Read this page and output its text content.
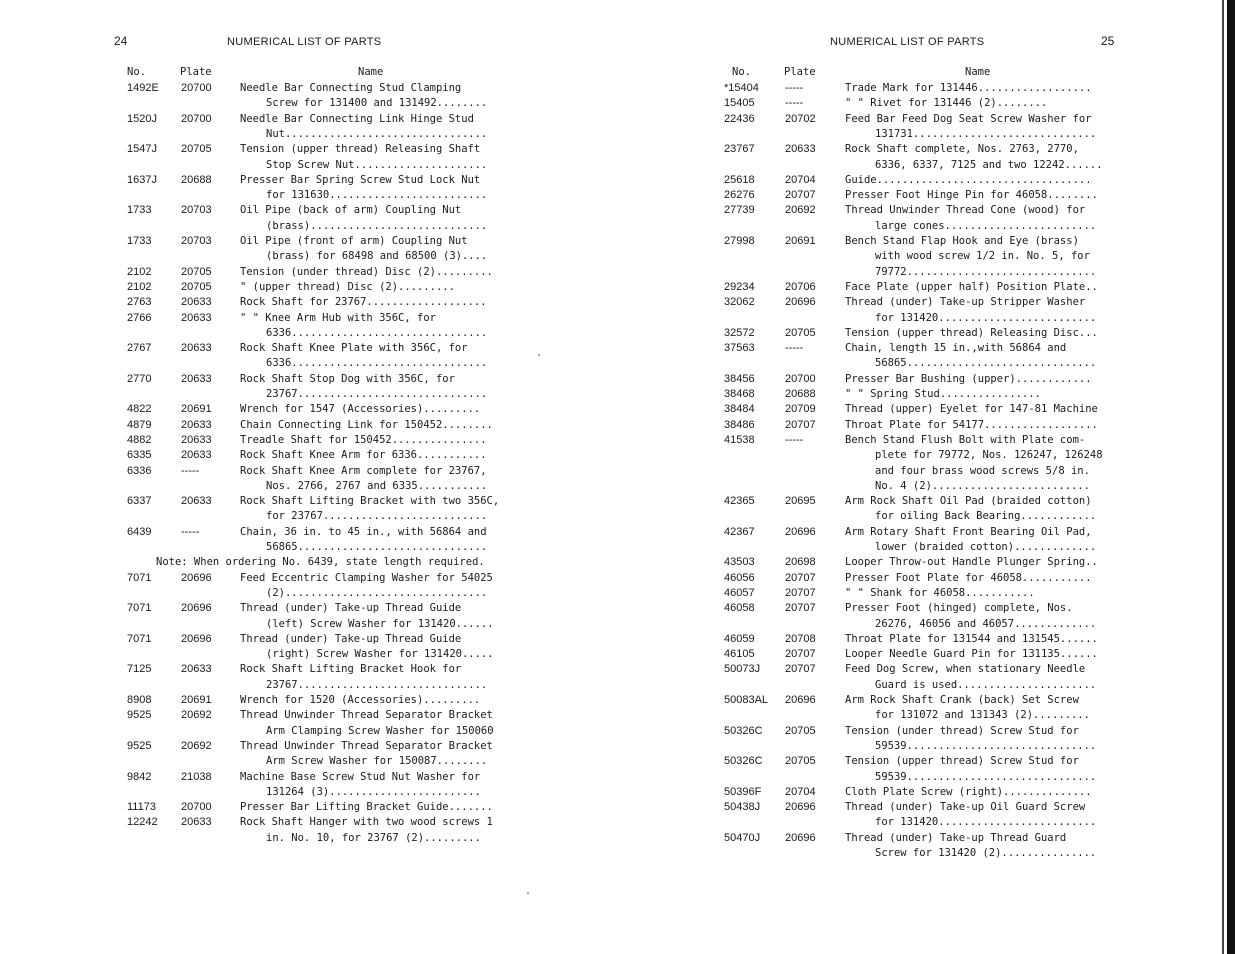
24	NUMERICAL LIST OF PARTS
No.	Plate	Name
1492E 20700	Needle Bar Connecting Stud Clamping
Screw for 131400 and 131492........
1520J 20700	Needle Bar Connecting Link Hinge Stud
Nut................................
1547J 20705	Tension (upper thread) Releasing Shaft
Stop Screw Nut.....................
1637J 20688	Presser Bar Spring Screw Stud Lock Nut
for 131630.........................
1733	20703	Oil Pipe (back of arm) Coupling Nut
(brass)............................
1733	20703	Oil Pipe (front of arm) Coupling Nut
(brass) for 68498 and 68500 (3)....
2102	20705	Tension (under thread) Disc (2).........
2102	20705	" (upper thread) Disc (2).........
2763	20633	Rock Shaft for 23767...................
2766	20633	" " Knee Arm Hub with 356C, for
6336...............................
2767	20633	Rock Shaft Knee Plate with 356C, for
6336...............................
2770	20633	Rock Shaft Stop Dog with 356C, for
23767..............................
4822	20691	Wrench for 1547 (Accessories).........
4879	20633	Chain Connecting Link for 150452........
4882	20633	Treadle Shaft for 150452...............
6335	20633	Rock Shaft Knee Arm for 6336...........
6336	-----	Rock Shaft Knee Arm complete for 23767,
Nos. 2766, 2767 and 6335...........
6337	20633	Rock Shaft Lifting Bracket with two 356C,
for 23767..........................
6439	-----	Chain, 36 in. to 45 in., with 56864 and
56865..............................
Note: When ordering No. 6439, state length required.
7071	20696	Feed Eccentric Clamping Washer for 54025
(2)................................
7071	20696	Thread (under) Take-up Thread Guide
(left) Screw Washer for 131420......
7071	20696	Thread (under) Take-up Thread Guide
(right) Screw Washer for 131420.....
7125	20633	Rock Shaft Lifting Bracket Hook for
23767..............................
8908	20691	Wrench for 1520 (Accessories).........
9525	20692	Thread Unwinder Thread Separator Bracket
Arm Clamping Screw Washer for 150060
9525	20692	Thread Unwinder Thread Separator Bracket
Arm Screw Washer for 150087........
9842	21038	Machine Base Screw Stud Nut Washer for
131264 (3)........................
11173 20700	Presser Bar Lifting Bracket Guide.......
12242 20633	Rock Shaft Hanger with two wood screws 1
in. No. 10, for 23767 (2).........
NUMERICAL LIST OF PARTS	25
No.	Plate	Name
*15404 -----	Trade Mark for 131446..................
15405	-----	" " Rivet for 131446 (2)........
22436	20702	Feed Bar Feed Dog Seat Screw Washer for
131731.............................
23767	20633	Rock Shaft complete, Nos. 2763, 2770,
6336, 6337, 7125 and two 12242......
25618	20704	Guide..................................
26276	20707	Presser Foot Hinge Pin for 46058........
27739	20692	Thread Unwinder Thread Cone (wood) for
large cones........................
27998	20691	Bench Stand Flap Hook and Eye (brass)
with wood screw 1/2 in. No. 5, for
79772..............................
29234	20706	Face Plate (upper half) Position Plate..
32062	20696	Thread (under) Take-up Stripper Washer
for 131420.........................
32572	20705	Tension (upper thread) Releasing Disc...
37563	-----	Chain, length 15 in.,with 56864 and
56865..............................
38456	20700	Presser Bar Bushing (upper)............
38468	20688	" " Spring Stud................
38484	20709	Thread (upper) Eyelet for 147-81 Machine
38486	20707	Throat Plate for 54177..................
41538	-----	Bench Stand Flush Bolt with Plate com-
plete for 79772, Nos. 126247, 126248
and four brass wood screws 5/8 in.
No. 4 (2).........................
42365	20695	Arm Rock Shaft Oil Pad (braided cotton)
for oiling Back Bearing............
42367	20696	Arm Rotary Shaft Front Bearing Oil Pad,
lower (braided cotton).............
43503	20698	Looper Throw-out Handle Plunger Spring..
46056	20707	Presser Foot Plate for 46058...........
46057	20707	" " Shank for 46058...........
46058	20707	Presser Foot (hinged) complete, Nos.
26276, 46056 and 46057.............
46059	20708	Throat Plate for 131544 and 131545......
46105	20707	Looper Needle Guard Pin for 131135......
50073J 20707	Feed Dog Screw, when stationary Needle
Guard is used......................
50083AL 20696	Arm Rock Shaft Crank (back) Set Screw
for 131072 and 131343 (2).........
50326C 20705	Tension (under thread) Screw Stud for
59539..............................
50326C 20705	Tension (upper thread) Screw Stud for
59539..............................
50396F 20704	Cloth Plate Screw (right)..............
50438J 20696	Thread (under) Take-up Oil Guard Screw
for 131420.........................
50470J 20696	Thread (under) Take-up Thread Guard
Screw for 131420 (2)...............
